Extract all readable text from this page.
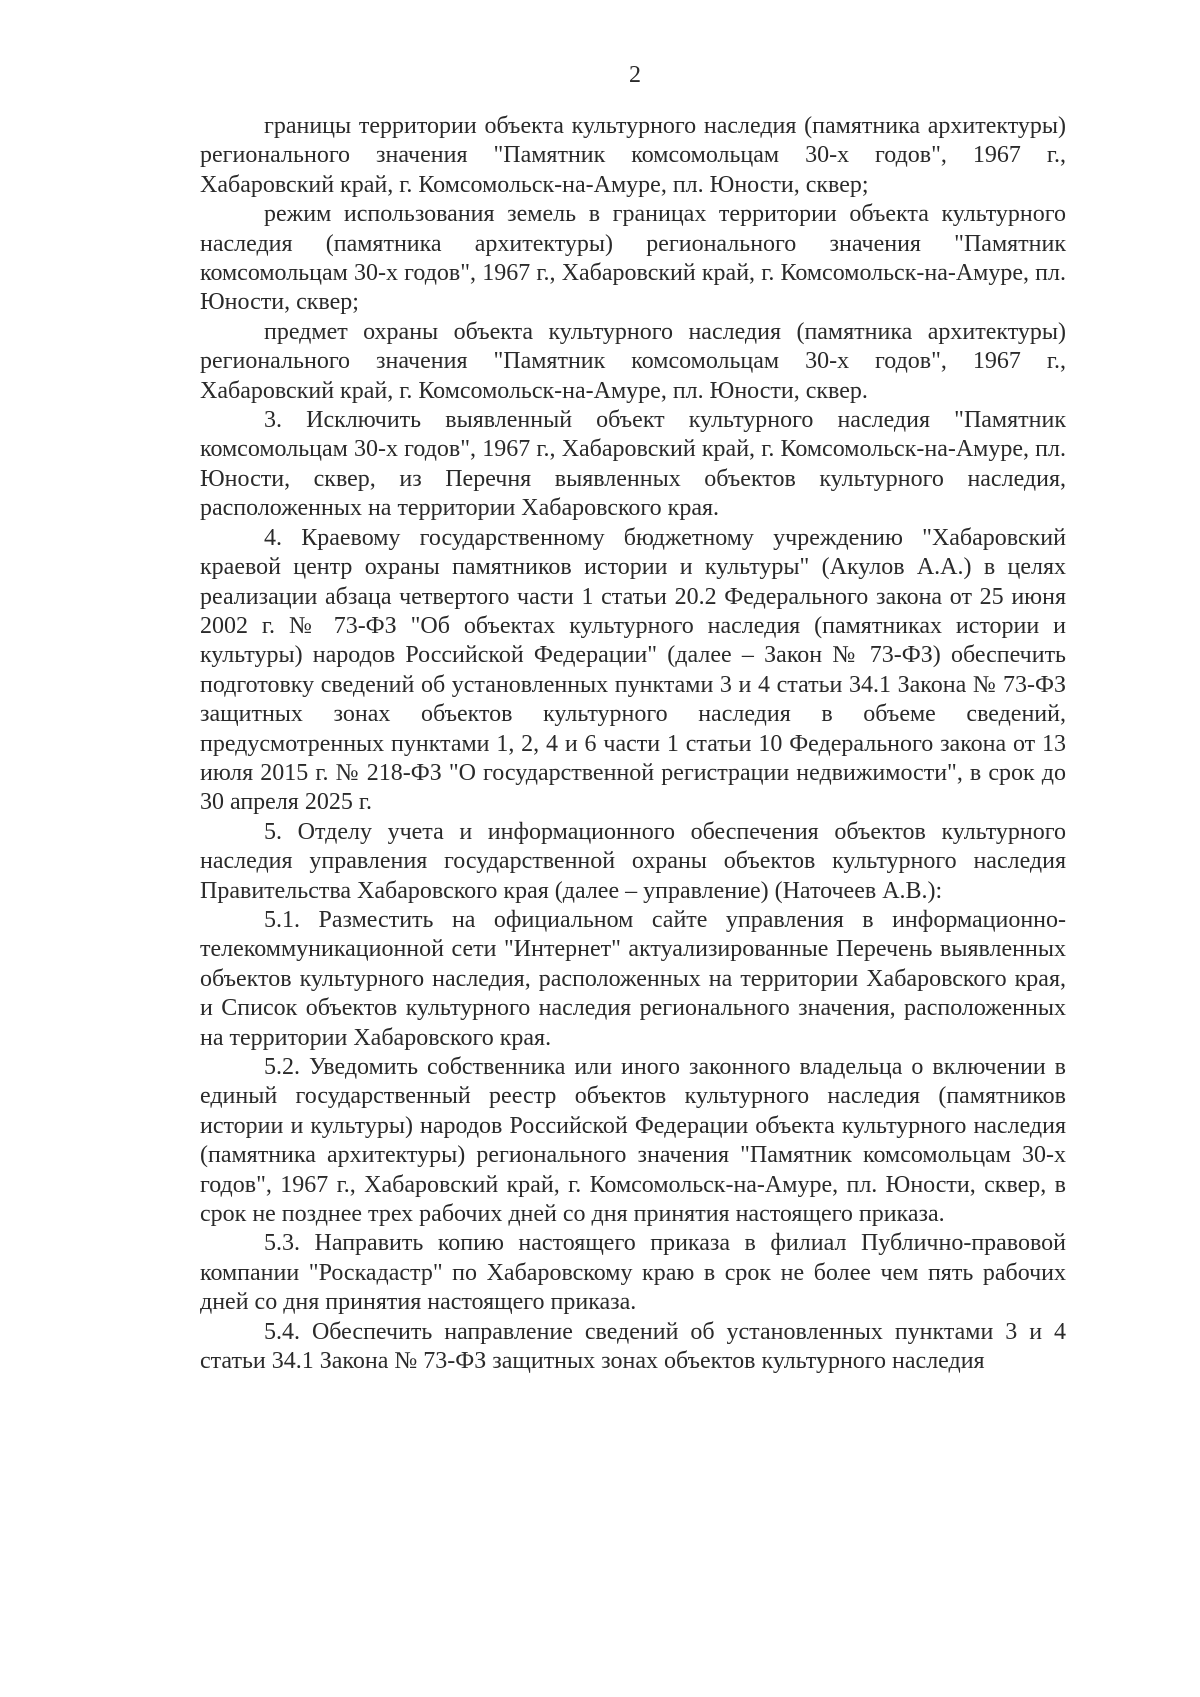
2

границы территории объекта культурного наследия (памятника архитектуры) регионального значения "Памятник комсомольцам 30-х годов", 1967 г., Хабаровский край, г. Комсомольск-на-Амуре, пл. Юности, сквер;

режим использования земель в границах территории объекта культурного наследия (памятника архитектуры) регионального значения "Памятник комсомольцам 30-х годов", 1967 г., Хабаровский край, г. Комсомольск-на-Амуре, пл. Юности, сквер;

предмет охраны объекта культурного наследия (памятника архитектуры) регионального значения "Памятник комсомольцам 30-х годов", 1967 г., Хабаровский край, г. Комсомольск-на-Амуре, пл. Юности, сквер.

3. Исключить выявленный объект культурного наследия "Памятник комсомольцам 30-х годов", 1967 г., Хабаровский край, г. Комсомольск-на-Амуре, пл. Юности, сквер, из Перечня выявленных объектов культурного наследия, расположенных на территории Хабаровского края.

4. Краевому государственному бюджетному учреждению "Хабаровский краевой центр охраны памятников истории и культуры" (Акулов А.А.) в целях реализации абзаца четвертого части 1 статьи 20.2 Федерального закона от 25 июня 2002 г. № 73-ФЗ "Об объектах культурного наследия (памятниках истории и культуры) народов Российской Федерации" (далее – Закон № 73-ФЗ) обеспечить подготовку сведений об установленных пунктами 3 и 4 статьи 34.1 Закона № 73-ФЗ защитных зонах объектов культурного наследия в объеме сведений, предусмотренных пунктами 1, 2, 4 и 6 части 1 статьи 10 Федерального закона от 13 июля 2015 г. № 218-ФЗ "О государственной регистрации недвижимости", в срок до 30 апреля 2025 г.

5. Отделу учета и информационного обеспечения объектов культурного наследия управления государственной охраны объектов культурного наследия Правительства Хабаровского края (далее – управление) (Наточеев А.В.):

5.1. Разместить на официальном сайте управления в информационно-телекоммуникационной сети "Интернет" актуализированные Перечень выявленных объектов культурного наследия, расположенных на территории Хабаровского края, и Список объектов культурного наследия регионального значения, расположенных на территории Хабаровского края.

5.2. Уведомить собственника или иного законного владельца о включении в единый государственный реестр объектов культурного наследия (памятников истории и культуры) народов Российской Федерации объекта культурного наследия (памятника архитектуры) регионального значения "Памятник комсомольцам 30-х годов", 1967 г., Хабаровский край, г. Комсомольск-на-Амуре, пл. Юности, сквер, в срок не позднее трех рабочих дней со дня принятия настоящего приказа.

5.3. Направить копию настоящего приказа в филиал Публично-правовой компании "Роскадастр" по Хабаровскому краю в срок не более чем пять рабочих дней со дня принятия настоящего приказа.

5.4. Обеспечить направление сведений об установленных пунктами 3 и 4 статьи 34.1 Закона № 73-ФЗ защитных зонах объектов культурного наследия
